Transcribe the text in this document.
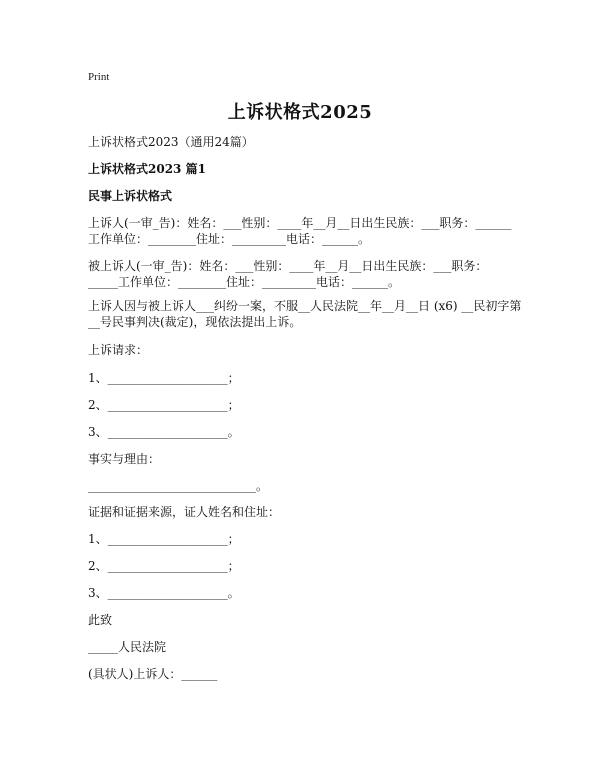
Print
上诉状格式2025
上诉状格式2023（通用24篇）
上诉状格式2023 篇1
民事上诉状格式
上诉人(一审_告)：姓名：___性别：____年__月__日出生民族：___职务：______
工作单位：________住址：_________电话：______。
被上诉人(一审_告)：姓名：___性别：____年__月__日出生民族：___职务：
_____工作单位：________住址：_________电话：______。
上诉人因与被上诉人___纠纷一案，不服__人民法院__年__月__日 (x6) __民初字第
__号民事判决(裁定)，现依法提出上诉。
上诉请求：
1、____________________；
2、____________________；
3、____________________。
事实与理由：
____________________________。
证据和证据来源，证人姓名和住址：
1、____________________；
2、____________________；
3、____________________。
此致
_____人民法院
(具状人)上诉人：______
